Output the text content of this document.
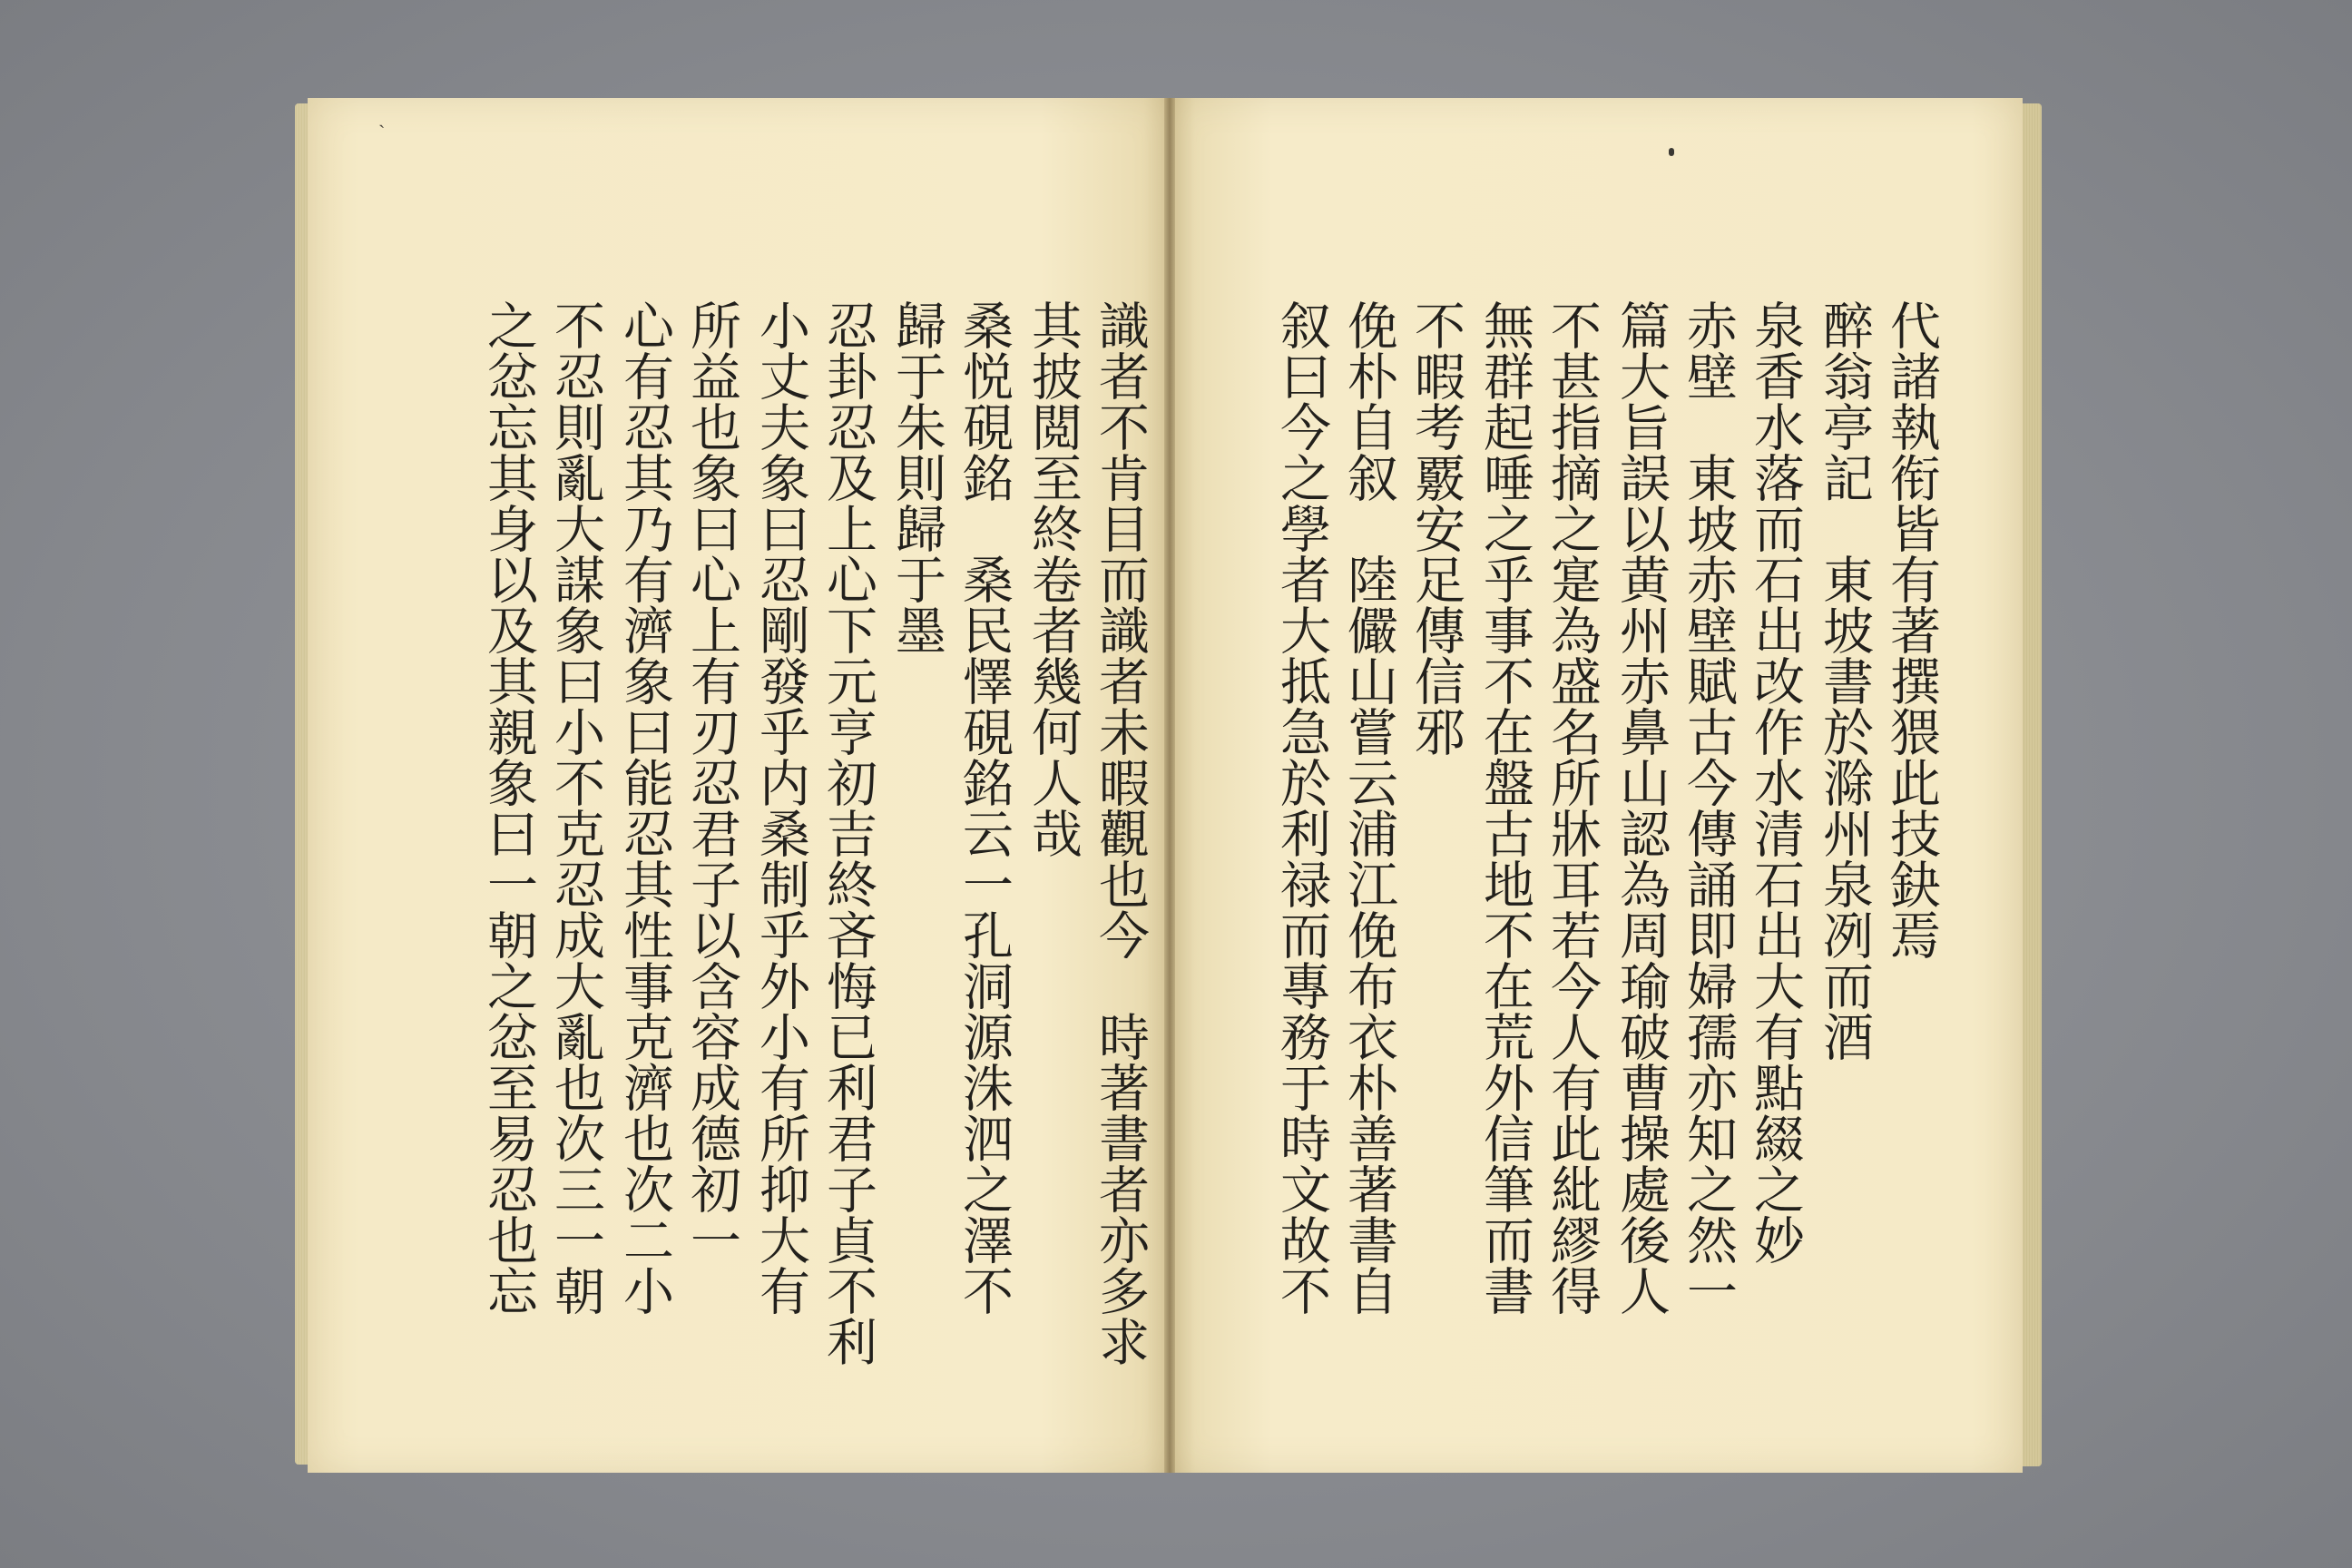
ˏ
識者不肯目而識者未暇觀也今　時著書者亦多求
其披閲至終卷者幾何人哉
桑悦硯銘　桑民懌硯銘云一孔洞源洙泗之澤不
歸于朱則歸于墨
忍卦忍及上心下元亨初吉終吝悔已利君子貞不利
小丈夫象曰忍剛發乎内桑制乎外小有所抑大有
所益也象曰心上有刃忍君子以含容成德初一
心有忍其乃有濟象曰能忍其性事克濟也次二小
不忍則亂大謀象曰小不克忍成大亂也次三一朝
之忿忘其身以及其親象曰一朝之忿至易忍也忘	代諸執衔皆有著撰猥此技鈌焉
醉翁亭記　東坡書於滁州泉冽而酒
泉香水落而石出改作水清石出大有點綴之妙
赤壁　東坡赤壁賦古今傳誦即婦孺亦知之然一
篇大旨誤以黄州赤鼻山認為周瑜破曹操處後人
不甚指摘之寔為盛名所牀耳若今人有此紕繆得
無群起唾之乎事不在盤古地不在荒外信筆而書
不暇考覈安足傳信邪
俛朴自叙　陸儼山嘗云浦江俛布衣朴善著書自
叙曰今之學者大抵急於利禄而專務于時文故不
